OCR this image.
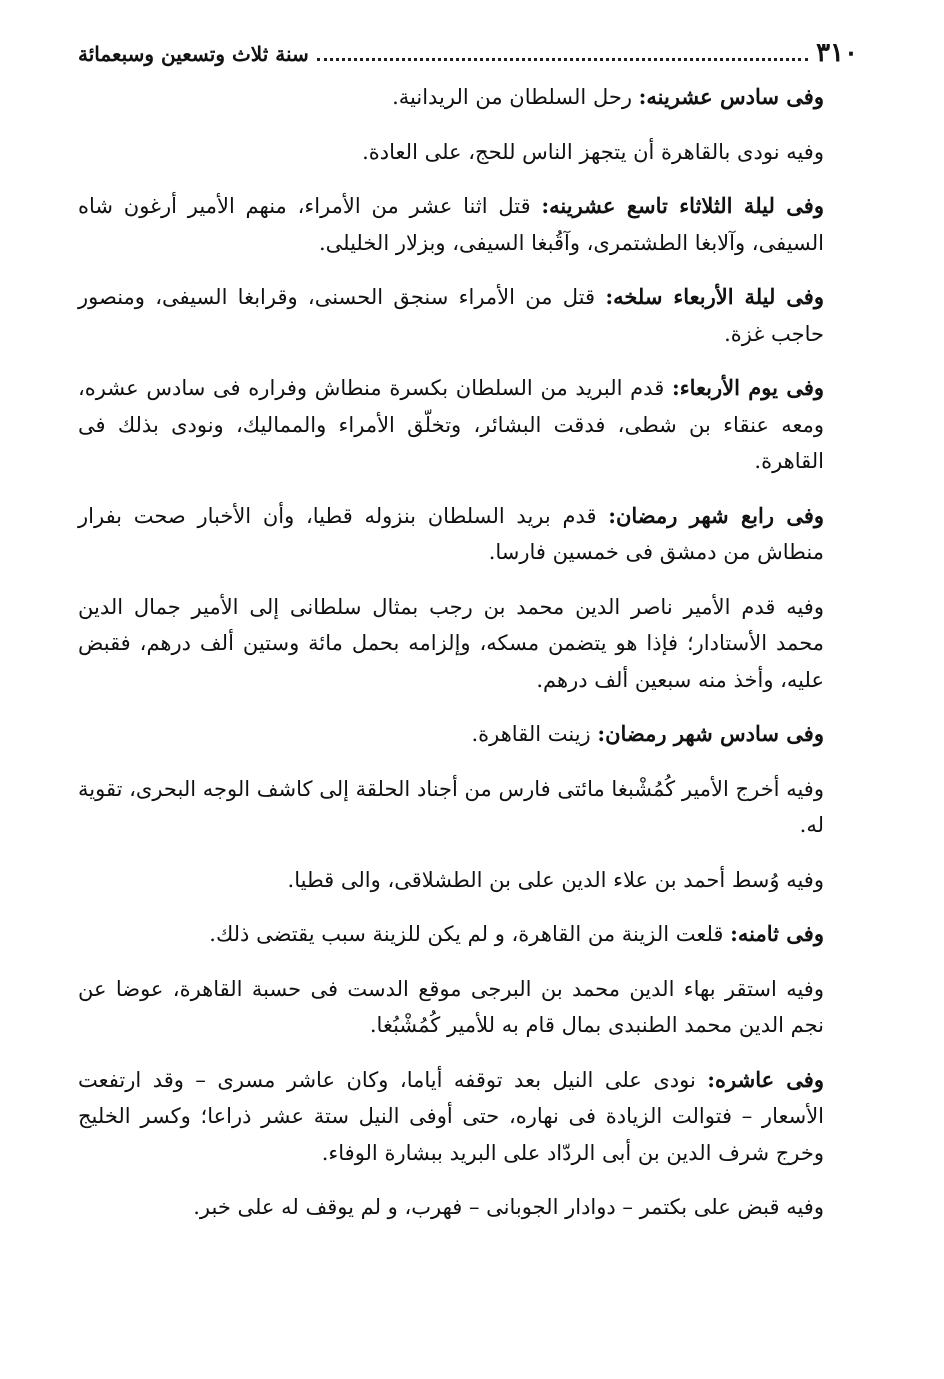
٣١٠
سنة ثلاث وتسعين وسبعمائة

وفى سادس عشرينه: رحل السلطان من الريدانية.

وفيه نودى بالقاهرة أن يتجهز الناس للحج، على العادة.

وفى ليلة الثلاثاء تاسع عشرينه: قتل اثنا عشر من الأمراء، منهم الأمير أرغون شاه السيفى، وآلابغا الطشتمرى، وآقُبغا السيفى، وبزلار الخليلى.

وفى ليلة الأربعاء سلخه: قتل من الأمراء سنجق الحسنى، وقرابغا السيفى، ومنصور حاجب غزة.

وفى يوم الأربعاء: قدم البريد من السلطان بكسرة منطاش وفراره فى سادس عشره، ومعه عنقاء بن شطى، فدقت البشائر، وتخلّق الأمراء والمماليك، ونودى بذلك فى القاهرة.

وفى رابع شهر رمضان: قدم بريد السلطان بنزوله قطيا، وأن الأخبار صحت بفرار منطاش من دمشق فى خمسين فارسا.

وفيه قدم الأمير ناصر الدين محمد بن رجب بمثال سلطانى إلى الأمير جمال الدين محمد الأستادار؛ فإذا هو يتضمن مسكه، وإلزامه بحمل مائة وستين ألف درهم، فقبض عليه، وأخذ منه سبعين ألف درهم.

وفى سادس شهر رمضان: زينت القاهرة.

وفيه أخرج الأمير كُمُشْبغا مائتى فارس من أجناد الحلقة إلى كاشف الوجه البحرى، تقوية له.

وفيه وُسط أحمد بن علاء الدين على بن الطشلاقى، والى قطيا.

وفى ثامنه: قلعت الزينة من القاهرة، و لم يكن للزينة سبب يقتضى ذلك.

وفيه استقر بهاء الدين محمد بن البرجى موقع الدست فى حسبة القاهرة، عوضا عن نجم الدين محمد الطنبدى بمال قام به للأمير كُمُشْبُغا.

وفى عاشره: نودى على النيل بعد توقفه أياما، وكان عاشر مسرى – وقد ارتفعت الأسعار – فتوالت الزيادة فى نهاره، حتى أوفى النيل ستة عشر ذراعا؛ وكسر الخليج وخرج شرف الدين بن أبى الردّاد على البريد ببشارة الوفاء.

وفيه قبض على بكتمر – دوادار الجوبانى – فهرب، و لم يوقف له على خبر.
